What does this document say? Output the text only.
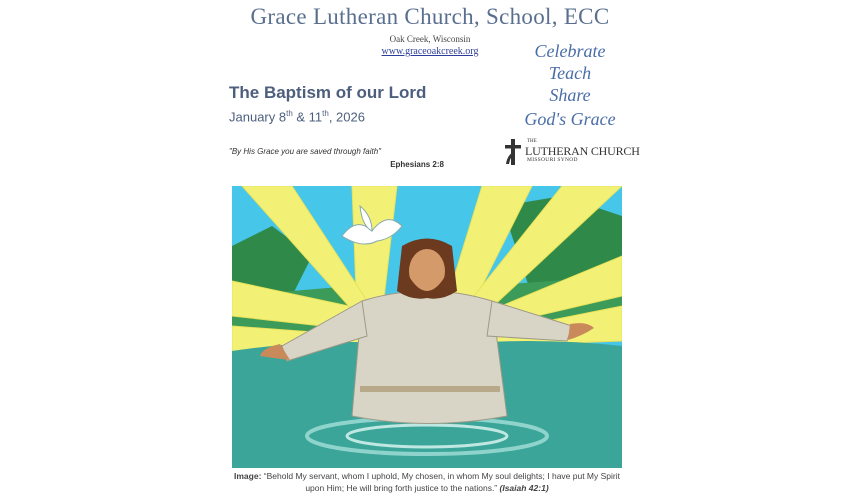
Grace Lutheran Church, School, ECC
Oak Creek, Wisconsin
www.graceoakcreek.org
The Baptism of our Lord
January 8th & 11th, 2026
"By His Grace you are saved through faith"
Ephesians 2:8
Celebrate
Teach
Share
God's Grace
THE
LUTHERAN CHURCH
MISSOURI SYNOD
Image: “Behold My servant, whom I uphold, My chosen, in whom My soul delights; I have put My Spirit upon Him; He will bring forth justice to the nations.” (Isaiah 42:1)
